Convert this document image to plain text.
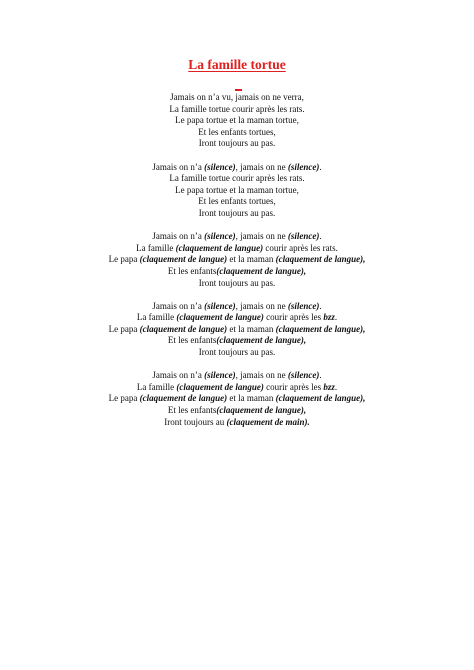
La famille tortue
Jamais on n’a vu, jamais on ne verra,
La famille tortue courir après les rats.
Le papa tortue et la maman tortue,
Et les enfants tortues,
Iront toujours au pas.
Jamais on n’a (silence), jamais on ne (silence).
La famille tortue courir après les rats.
Le papa tortue et la maman tortue,
Et les enfants tortues,
Iront toujours au pas.
Jamais on n’a (silence), jamais on ne (silence).
La famille (claquement de langue) courir après les rats.
Le papa (claquement de langue) et la maman (claquement de langue),
Et les enfants(claquement de langue),
Iront toujours au pas.
Jamais on n’a (silence), jamais on ne (silence).
La famille (claquement de langue) courir après les bzz.
Le papa (claquement de langue) et la maman (claquement de langue),
Et les enfants(claquement de langue),
Iront toujours au pas.
Jamais on n’a (silence), jamais on ne (silence).
La famille (claquement de langue) courir après les bzz.
Le papa (claquement de langue) et la maman (claquement de langue),
Et les enfants(claquement de langue),
Iront toujours au (claquement de main).
